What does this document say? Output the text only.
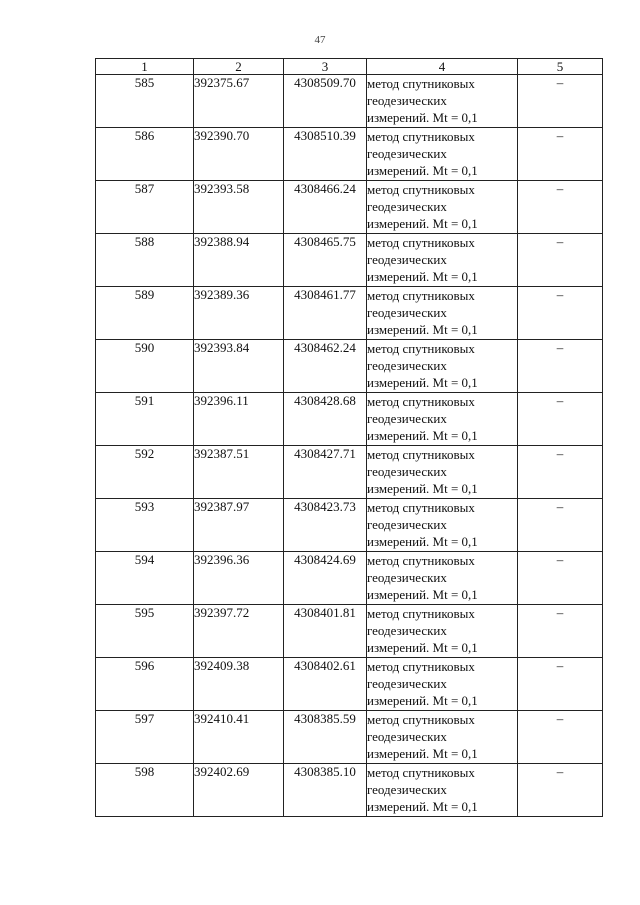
47
1	2	3	4	5
585	392375.67	4308509.70	метод спутниковых
геодезических
измерений. Mt = 0,1	–
586	392390.70	4308510.39	метод спутниковых
геодезических
измерений. Mt = 0,1	–
587	392393.58	4308466.24	метод спутниковых
геодезических
измерений. Mt = 0,1	–
588	392388.94	4308465.75	метод спутниковых
геодезических
измерений. Mt = 0,1	–
589	392389.36	4308461.77	метод спутниковых
геодезических
измерений. Mt = 0,1	–
590	392393.84	4308462.24	метод спутниковых
геодезических
измерений. Mt = 0,1	–
591	392396.11	4308428.68	метод спутниковых
геодезических
измерений. Mt = 0,1	–
592	392387.51	4308427.71	метод спутниковых
геодезических
измерений. Mt = 0,1	–
593	392387.97	4308423.73	метод спутниковых
геодезических
измерений. Mt = 0,1	–
594	392396.36	4308424.69	метод спутниковых
геодезических
измерений. Mt = 0,1	–
595	392397.72	4308401.81	метод спутниковых
геодезических
измерений. Mt = 0,1	–
596	392409.38	4308402.61	метод спутниковых
геодезических
измерений. Mt = 0,1	–
597	392410.41	4308385.59	метод спутниковых
геодезических
измерений. Mt = 0,1	–
598	392402.69	4308385.10	метод спутниковых
геодезических
измерений. Mt = 0,1	–
